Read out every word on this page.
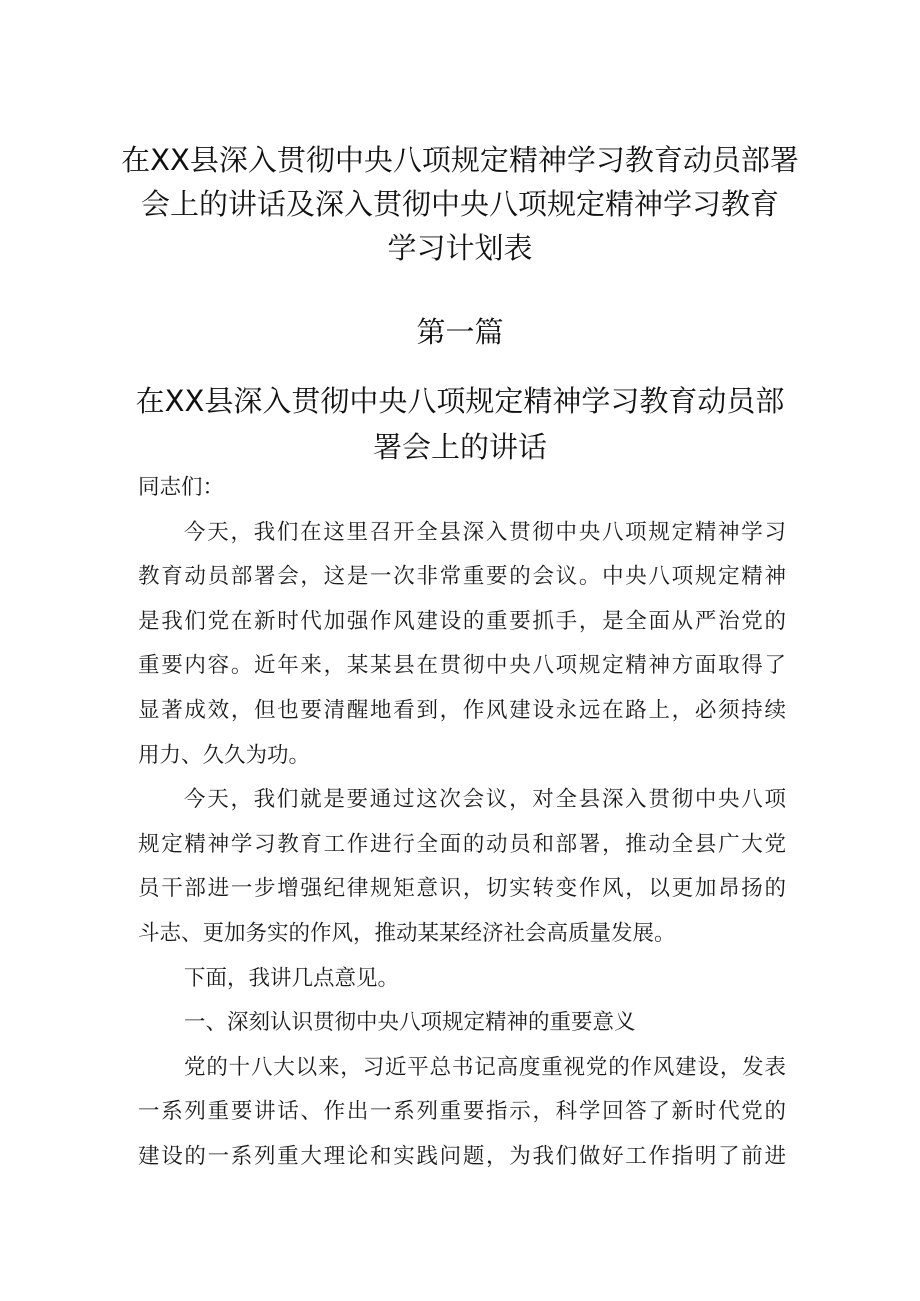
在XX县深入贯彻中央八项规定精神学习教育动员部署
会上的讲话及深入贯彻中央八项规定精神学习教育
学习计划表
第一篇
在XX县深入贯彻中央八项规定精神学习教育动员部
署会上的讲话
同志们：
今天，我们在这里召开全县深入贯彻中央八项规定精神学习
教育动员部署会，这是一次非常重要的会议。中央八项规定精神
是我们党在新时代加强作风建设的重要抓手，是全面从严治党的
重要内容。近年来，某某县在贯彻中央八项规定精神方面取得了
显著成效，但也要清醒地看到，作风建设永远在路上，必须持续
用力、久久为功。
今天，我们就是要通过这次会议，对全县深入贯彻中央八项
规定精神学习教育工作进行全面的动员和部署，推动全县广大党
员干部进一步增强纪律规矩意识，切实转变作风，以更加昂扬的
斗志、更加务实的作风，推动某某经济社会高质量发展。
下面，我讲几点意见。
一、深刻认识贯彻中央八项规定精神的重要意义
党的十八大以来，习近平总书记高度重视党的作风建设，发表
一系列重要讲话、作出一系列重要指示，科学回答了新时代党的
建设的一系列重大理论和实践问题，为我们做好工作指明了前进
